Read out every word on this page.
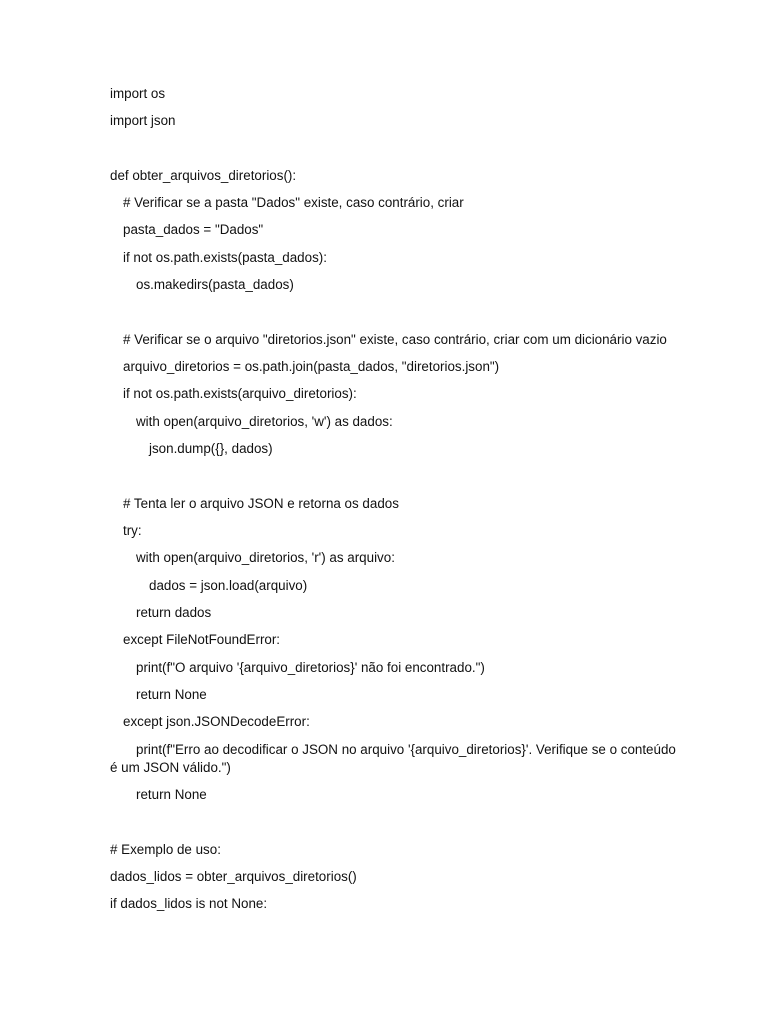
import os
import json
def obter_arquivos_diretorios():
# Verificar se a pasta "Dados" existe, caso contrário, criar
pasta_dados = "Dados"
if not os.path.exists(pasta_dados):
os.makedirs(pasta_dados)
# Verificar se o arquivo "diretorios.json" existe, caso contrário, criar com um dicionário vazio
arquivo_diretorios = os.path.join(pasta_dados, "diretorios.json")
if not os.path.exists(arquivo_diretorios):
with open(arquivo_diretorios, 'w') as dados:
json.dump({}, dados)
# Tenta ler o arquivo JSON e retorna os dados
try:
with open(arquivo_diretorios, 'r') as arquivo:
dados = json.load(arquivo)
return dados
except FileNotFoundError:
print(f"O arquivo '{arquivo_diretorios}' não foi encontrado.")
return None
except json.JSONDecodeError:
print(f"Erro ao decodificar o JSON no arquivo '{arquivo_diretorios}'. Verifique se o conteúdo
é um JSON válido.")
return None
# Exemplo de uso:
dados_lidos = obter_arquivos_diretorios()
if dados_lidos is not None:
